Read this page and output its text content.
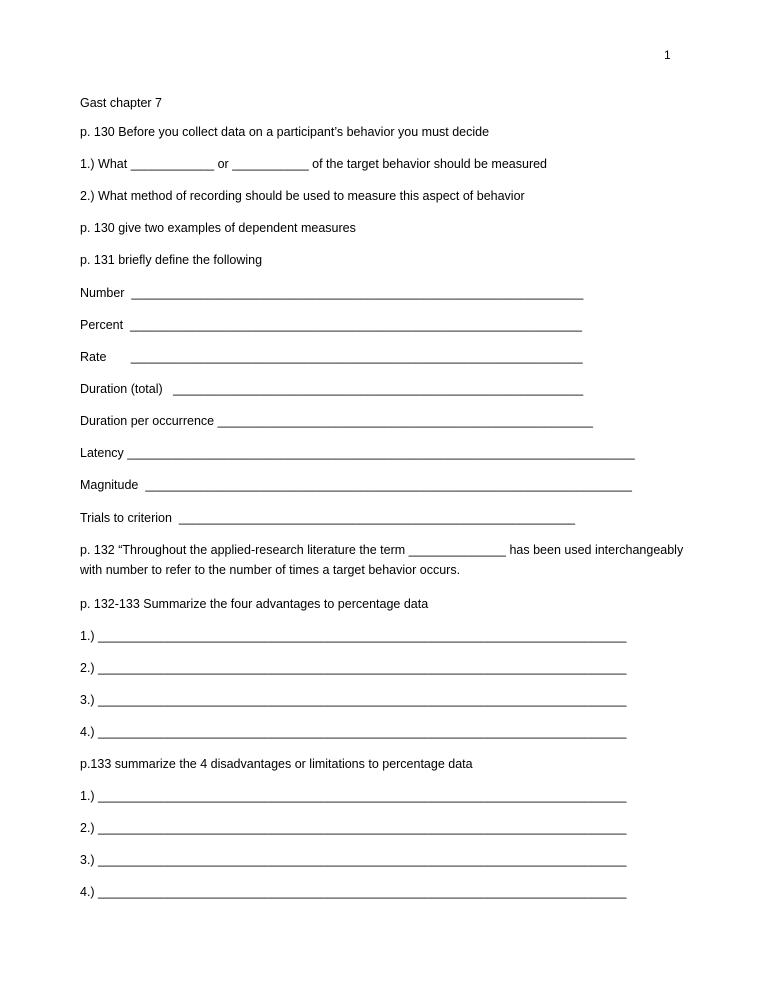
1
Gast chapter 7
p. 130 Before you collect data on a participant’s behavior you must decide
1.) What ____________ or ___________ of the target behavior should be measured
2.) What method of recording should be used to measure this aspect of behavior
p. 130 give two examples of dependent measures
p. 131 briefly define the following
Number  _________________________________________________________________
Percent  _________________________________________________________________
Rate       _________________________________________________________________
Duration (total)   ___________________________________________________________
Duration per occurrence ______________________________________________________
Latency _________________________________________________________________________
Magnitude  ______________________________________________________________________
Trials to criterion  _________________________________________________________
p. 132 “Throughout the applied-research literature the term ______________ has been used interchangeably with number to refer to the number of times a target behavior occurs.
p. 132-133 Summarize the four advantages to percentage data
1.) ____________________________________________________________________________
2.) ____________________________________________________________________________
3.) ____________________________________________________________________________
4.) ____________________________________________________________________________
p.133 summarize the 4 disadvantages or limitations to percentage data
1.) ____________________________________________________________________________
2.) ____________________________________________________________________________
3.) ____________________________________________________________________________
4.) ____________________________________________________________________________
